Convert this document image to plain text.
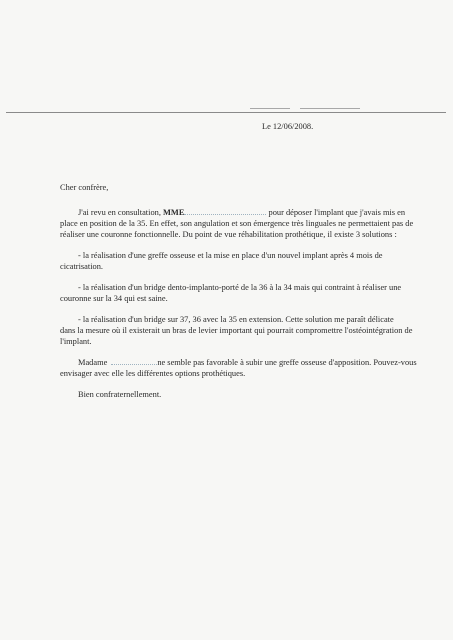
Le 12/06/2008.
Cher confrère,
J'ai revu en consultation, MME	pour déposer l'implant que j'avais mis en
place en position de la 35. En effet, son angulation et son émergence très linguales ne permettaient pas de
réaliser une couronne fonctionnelle. Du point de vue réhabilitation prothétique, il existe 3 solutions :
- la réalisation d'une greffe osseuse et la mise en place d'un nouvel implant après 4 mois de
cicatrisation.
- la réalisation d'un bridge dento-implanto-porté de la 36 à la 34 mais qui contraint à réaliser une
couronne sur la 34 qui est saine.
- la réalisation d'un bridge sur 37, 36 avec la 35 en extension. Cette solution me paraît délicate
dans la mesure où il existerait un bras de levier important qui pourrait compromettre l'ostéointégration de
l'implant.
Madame	ne semble pas favorable à subir une greffe osseuse d'apposition. Pouvez-vous
envisager avec elle les différentes options prothétiques.
Bien confraternellement.
